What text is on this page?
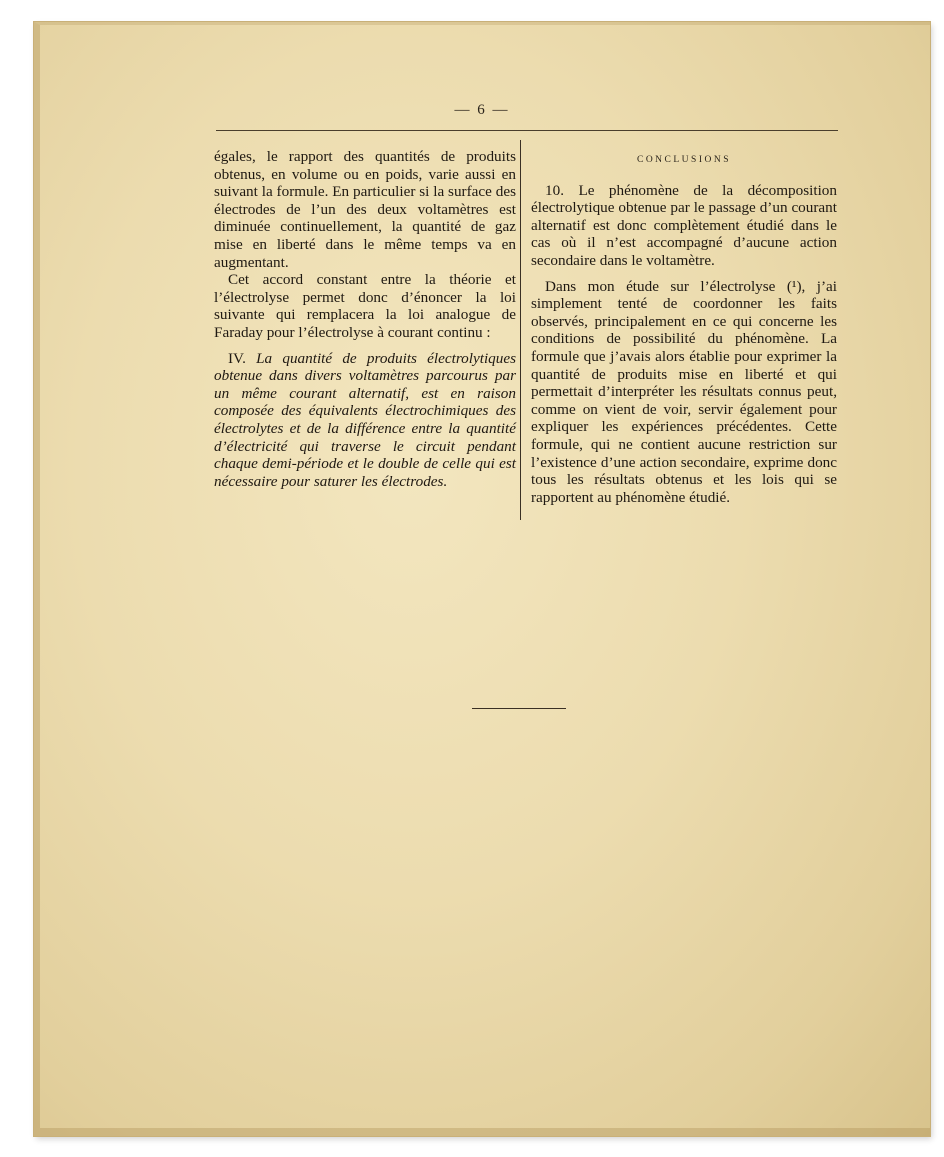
— 6 —

égales, le rapport des quantités de produits obtenus, en volume ou en poids, varie aussi en suivant la formule. En particulier si la surface des électrodes de l’un des deux voltamètres est diminuée continuellement, la quantité de gaz mise en liberté dans le même temps va en augmentant.

Cet accord constant entre la théorie et l’électrolyse permet donc d’énoncer la loi suivante qui remplacera la loi analogue de Faraday pour l’électrolyse à courant continu :

IV. La quantité de produits électrolytiques obtenue dans divers voltamètres parcourus par un même courant alternatif, est en raison composée des équivalents électrochimiques des électrolytes et de la différence entre la quantité d’électricité qui traverse le circuit pendant chaque demi-période et le double de celle qui est nécessaire pour saturer les électrodes.

CONCLUSIONS

10. Le phénomène de la décomposition électrolytique obtenue par le passage d’un courant alternatif est donc complètement étudié dans le cas où il n’est accompagné d’aucune action secondaire dans le voltamètre.

Dans mon étude sur l’électrolyse (¹), j’ai simplement tenté de coordonner les faits observés, principalement en ce qui concerne les conditions de possibilité du phénomène. La formule que j’avais alors établie pour exprimer la quantité de produits mise en liberté et qui permettait d’interpréter les résultats connus peut, comme on vient de voir, servir également pour expliquer les expériences précédentes. Cette formule, qui ne contient aucune restriction sur l’existence d’une action secondaire, exprime donc tous les résultats obtenus et les lois qui se rapportent au phénomène étudié.
